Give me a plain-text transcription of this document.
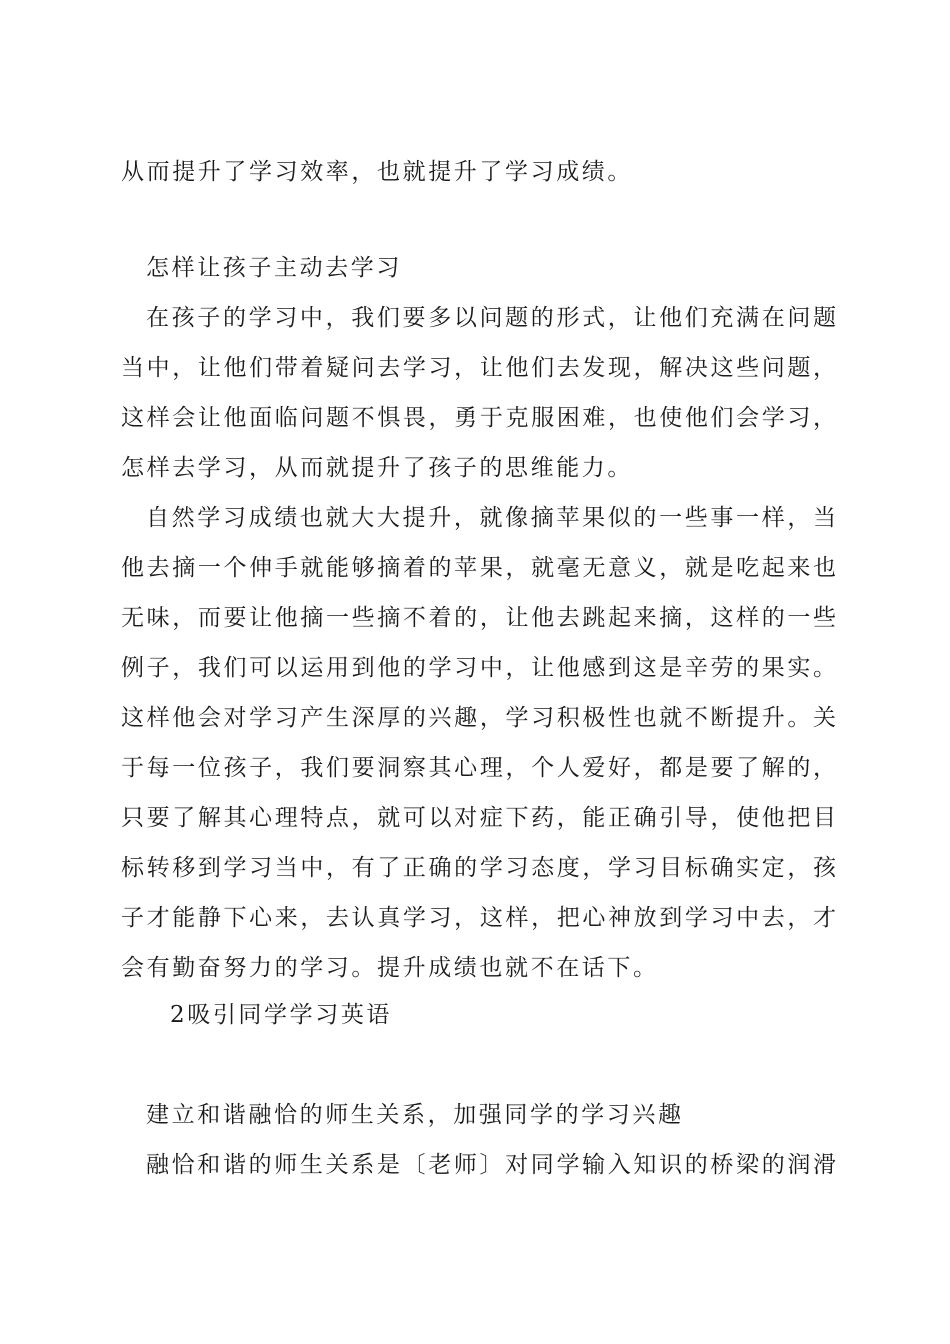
从而提升了学习效率，也就提升了学习成绩。

怎样让孩子主动去学习

在孩子的学习中，我们要多以问题的形式，让他们充满在问题

当中，让他们带着疑问去学习，让他们去发现，解决这些问题，

这样会让他面临问题不惧畏，勇于克服困难，也使他们会学习，

怎样去学习，从而就提升了孩子的思维能力。

自然学习成绩也就大大提升，就像摘苹果似的一些事一样，当

他去摘一个伸手就能够摘着的苹果，就毫无意义，就是吃起来也

无味，而要让他摘一些摘不着的，让他去跳起来摘，这样的一些

例子，我们可以运用到他的学习中，让他感到这是辛劳的果实。

这样他会对学习产生深厚的兴趣，学习积极性也就不断提升。关

于每一位孩子，我们要洞察其心理，个人爱好，都是要了解的，

只要了解其心理特点，就可以对症下药，能正确引导，使他把目

标转移到学习当中，有了正确的学习态度，学习目标确实定，孩

子才能静下心来，去认真学习，这样，把心神放到学习中去，才

会有勤奋努力的学习。提升成绩也就不在话下。

2吸引同学学习英语

建立和谐融恰的师生关系，加强同学的学习兴趣

融恰和谐的师生关系是〔老师〕对同学输入知识的桥梁的润滑
